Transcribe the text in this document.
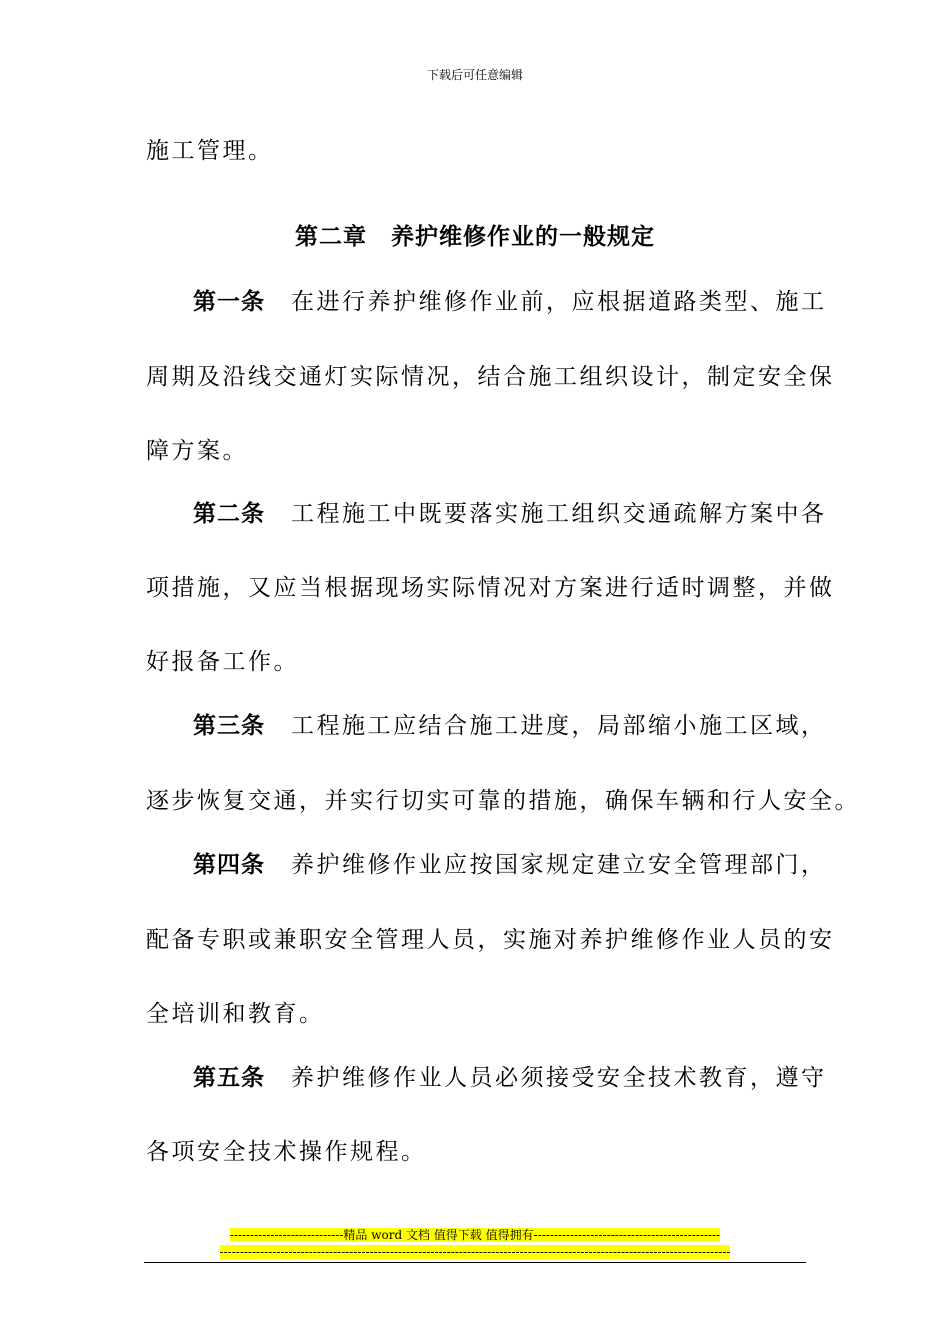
下载后可任意编辑
施工管理。
第二章　养护维修作业的一般规定
第一条 在进行养护维修作业前，应根据道路类型、施工
周期及沿线交通灯实际情况，结合施工组织设计，制定安全保
障方案。
第二条 工程施工中既要落实施工组织交通疏解方案中各
项措施，又应当根据现场实际情况对方案进行适时调整，并做
好报备工作。
第三条 工程施工应结合施工进度，局部缩小施工区域，
逐步恢复交通，并实行切实可靠的措施，确保车辆和行人安全。
第四条 养护维修作业应按国家规定建立安全管理部门，
配备专职或兼职安全管理人员，实施对养护维修作业人员的安
全培训和教育。
第五条 养护维修作业人员必须接受安全技术教育，遵守
各项安全技术操作规程。
----------------------------精品 word 文档 值得下载 值得拥有----------------------------------------------
------------------------------------------------------------------------------------------------------------------------------
